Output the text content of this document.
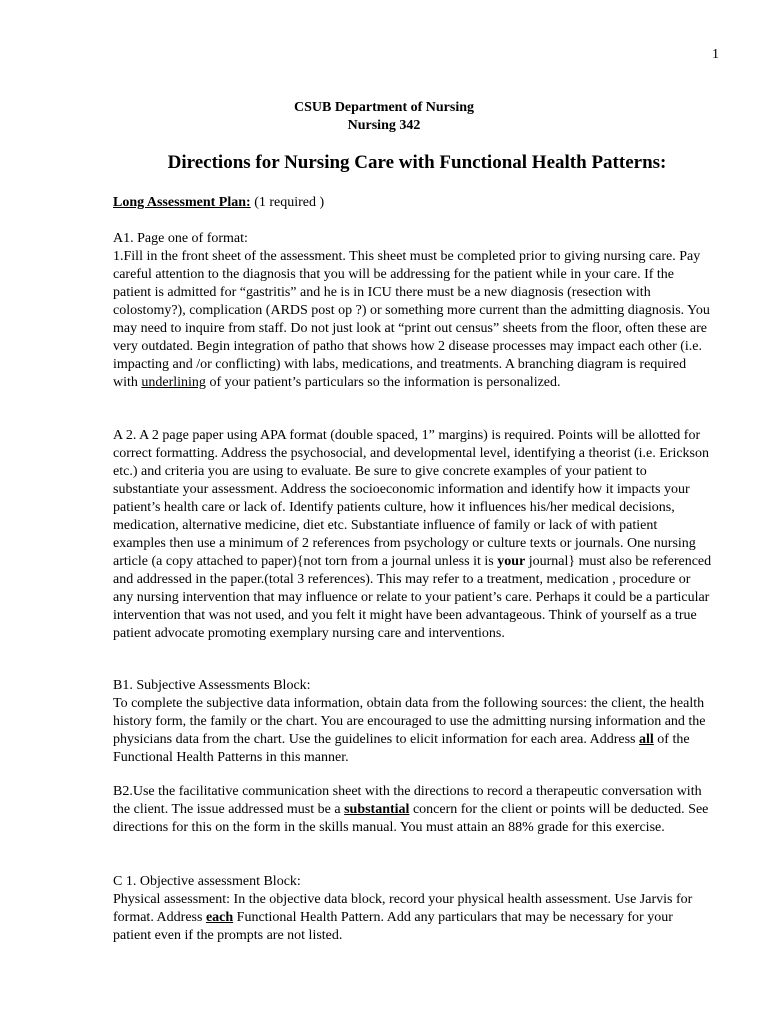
1
CSUB Department of Nursing
Nursing 342
Directions for Nursing Care with Functional Health Patterns:

Long Assessment Plan: (1 required )

A1. Page one of format:

1.Fill in the front sheet of the assessment. This sheet must be completed prior to giving nursing care. Pay careful attention to the diagnosis that you will be addressing for the patient while in your care. If the patient is admitted for “gastritis” and he is in ICU there must be a new diagnosis (resection with colostomy?), complication (ARDS post op ?) or something more current than the admitting diagnosis. You may need to inquire from staff. Do not just look at “print out census” sheets from the floor, often these are very outdated. Begin integration of patho that shows how 2 disease processes may impact each other (i.e. impacting and /or conflicting) with labs, medications, and treatments. A branching diagram is required with underlining of your patient’s particulars so the information is personalized.

A 2. A 2 page paper using APA format (double spaced, 1” margins) is required. Points will be allotted for correct formatting. Address the psychosocial, and developmental level, identifying a theorist (i.e. Erickson etc.) and criteria you are using to evaluate. Be sure to give concrete examples of your patient to substantiate your assessment. Address the socioeconomic information and identify how it impacts your patient’s health care or lack of. Identify patients culture, how it influences his/her medical decisions, medication, alternative medicine, diet etc. Substantiate influence of family or lack of with patient examples then use a minimum of 2 references from psychology or culture texts or journals. One nursing article (a copy attached to paper){not torn from a journal unless it is your journal} must also be referenced and addressed in the paper.(total 3 references). This may refer to a treatment, medication , procedure or any nursing intervention that may influence or relate to your patient’s care. Perhaps it could be a particular intervention that was not used, and you felt it might have been advantageous. Think of yourself as a true patient advocate promoting exemplary nursing care and interventions.

B1. Subjective Assessments Block:

To complete the subjective data information, obtain data from the following sources: the client, the health history form, the family or the chart. You are encouraged to use the admitting nursing information and the physicians data from the chart. Use the guidelines to elicit information for each area. Address all of the Functional Health Patterns in this manner.

B2.Use the facilitative communication sheet with the directions to record a therapeutic conversation with the client. The issue addressed must be a substantial concern for the client or points will be deducted. See directions for this on the form in the skills manual. You must attain an 88% grade for this exercise.

C 1. Objective assessment Block:

Physical assessment: In the objective data block, record your physical health assessment. Use Jarvis for format. Address each Functional Health Pattern. Add any particulars that may be necessary for your patient even if the prompts are not listed.
